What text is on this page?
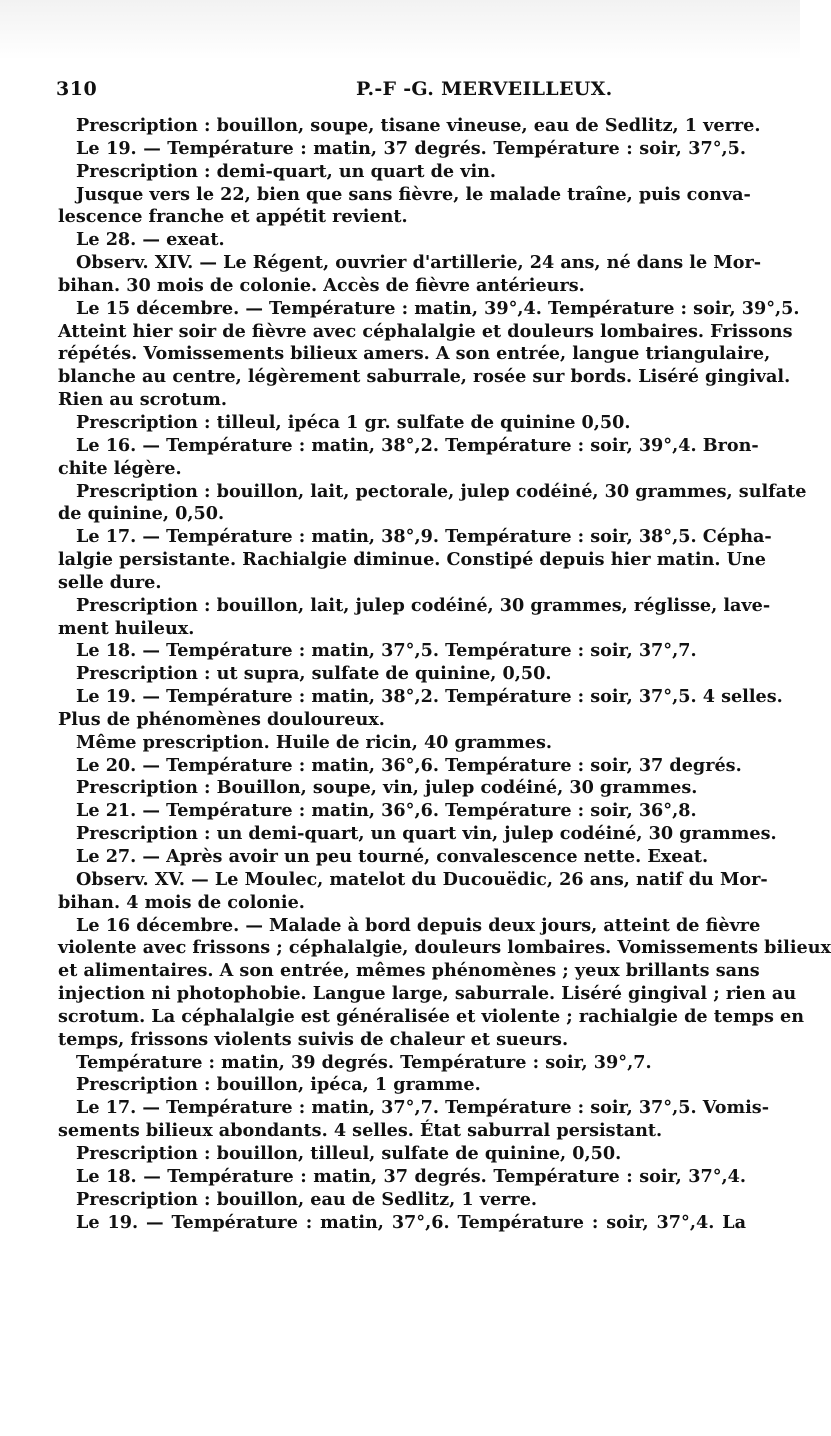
310	P.-F -G. MERVEILLEUX.
Prescription : bouillon, soupe, tisane vineuse, eau de Sedlitz, 1 verre.
Le 19. — Température : matin, 37 degrés. Température : soir, 37°,5.
Prescription : demi-quart, un quart de vin.
Jusque vers le 22, bien que sans fièvre, le malade traîne, puis conva-
lescence franche et appétit revient.
Le 28. — exeat.
Observ. XIV. — Le Régent, ouvrier d'artillerie, 24 ans, né dans le Mor-
bihan. 30 mois de colonie. Accès de fièvre antérieurs.
Le 15 décembre. — Température : matin, 39°,4. Température : soir, 39°,5.
Atteint hier soir de fièvre avec céphalalgie et douleurs lombaires. Frissons
répétés. Vomissements bilieux amers. A son entrée, langue triangulaire,
blanche au centre, légèrement saburrale, rosée sur bords. Liséré gingival.
Rien au scrotum.
Prescription : tilleul, ipéca 1 gr. sulfate de quinine 0,50.
Le 16. — Température : matin, 38°,2. Température : soir, 39°,4. Bron-
chite légère.
Prescription : bouillon, lait, pectorale, julep codéiné, 30 grammes, sulfate
de quinine, 0,50.
Le 17. — Température : matin, 38°,9. Température : soir, 38°,5. Cépha-
lalgie persistante. Rachialgie diminue. Constipé depuis hier matin. Une
selle dure.
Prescription : bouillon, lait, julep codéiné, 30 grammes, réglisse, lave-
ment huileux.
Le 18. — Température : matin, 37°,5. Température : soir, 37°,7.
Prescription : ut supra, sulfate de quinine, 0,50.
Le 19. — Température : matin, 38°,2. Température : soir, 37°,5. 4 selles.
Plus de phénomènes douloureux.
Même prescription. Huile de ricin, 40 grammes.
Le 20. — Température : matin, 36°,6. Température : soir, 37 degrés.
Prescription : Bouillon, soupe, vin, julep codéiné, 30 grammes.
Le 21. — Température : matin, 36°,6. Température : soir, 36°,8.
Prescription : un demi-quart, un quart vin, julep codéiné, 30 grammes.
Le 27. — Après avoir un peu tourné, convalescence nette. Exeat.
Observ. XV. — Le Moulec, matelot du Ducouëdic, 26 ans, natif du Mor-
bihan. 4 mois de colonie.
Le 16 décembre. — Malade à bord depuis deux jours, atteint de fièvre
violente avec frissons ; céphalalgie, douleurs lombaires. Vomissements bilieux
et alimentaires. A son entrée, mêmes phénomènes ; yeux brillants sans
injection ni photophobie. Langue large, saburrale. Liséré gingival ; rien au
scrotum. La céphalalgie est généralisée et violente ; rachialgie de temps en
temps, frissons violents suivis de chaleur et sueurs.
Température : matin, 39 degrés. Température : soir, 39°,7.
Prescription : bouillon, ipéca, 1 gramme.
Le 17. — Température : matin, 37°,7. Température : soir, 37°,5. Vomis-
sements bilieux abondants. 4 selles. État saburral persistant.
Prescription : bouillon, tilleul, sulfate de quinine, 0,50.
Le 18. — Température : matin, 37 degrés. Température : soir, 37°,4.
Prescription : bouillon, eau de Sedlitz, 1 verre.
Le 19. — Température : matin, 37°,6. Température : soir, 37°,4. La
